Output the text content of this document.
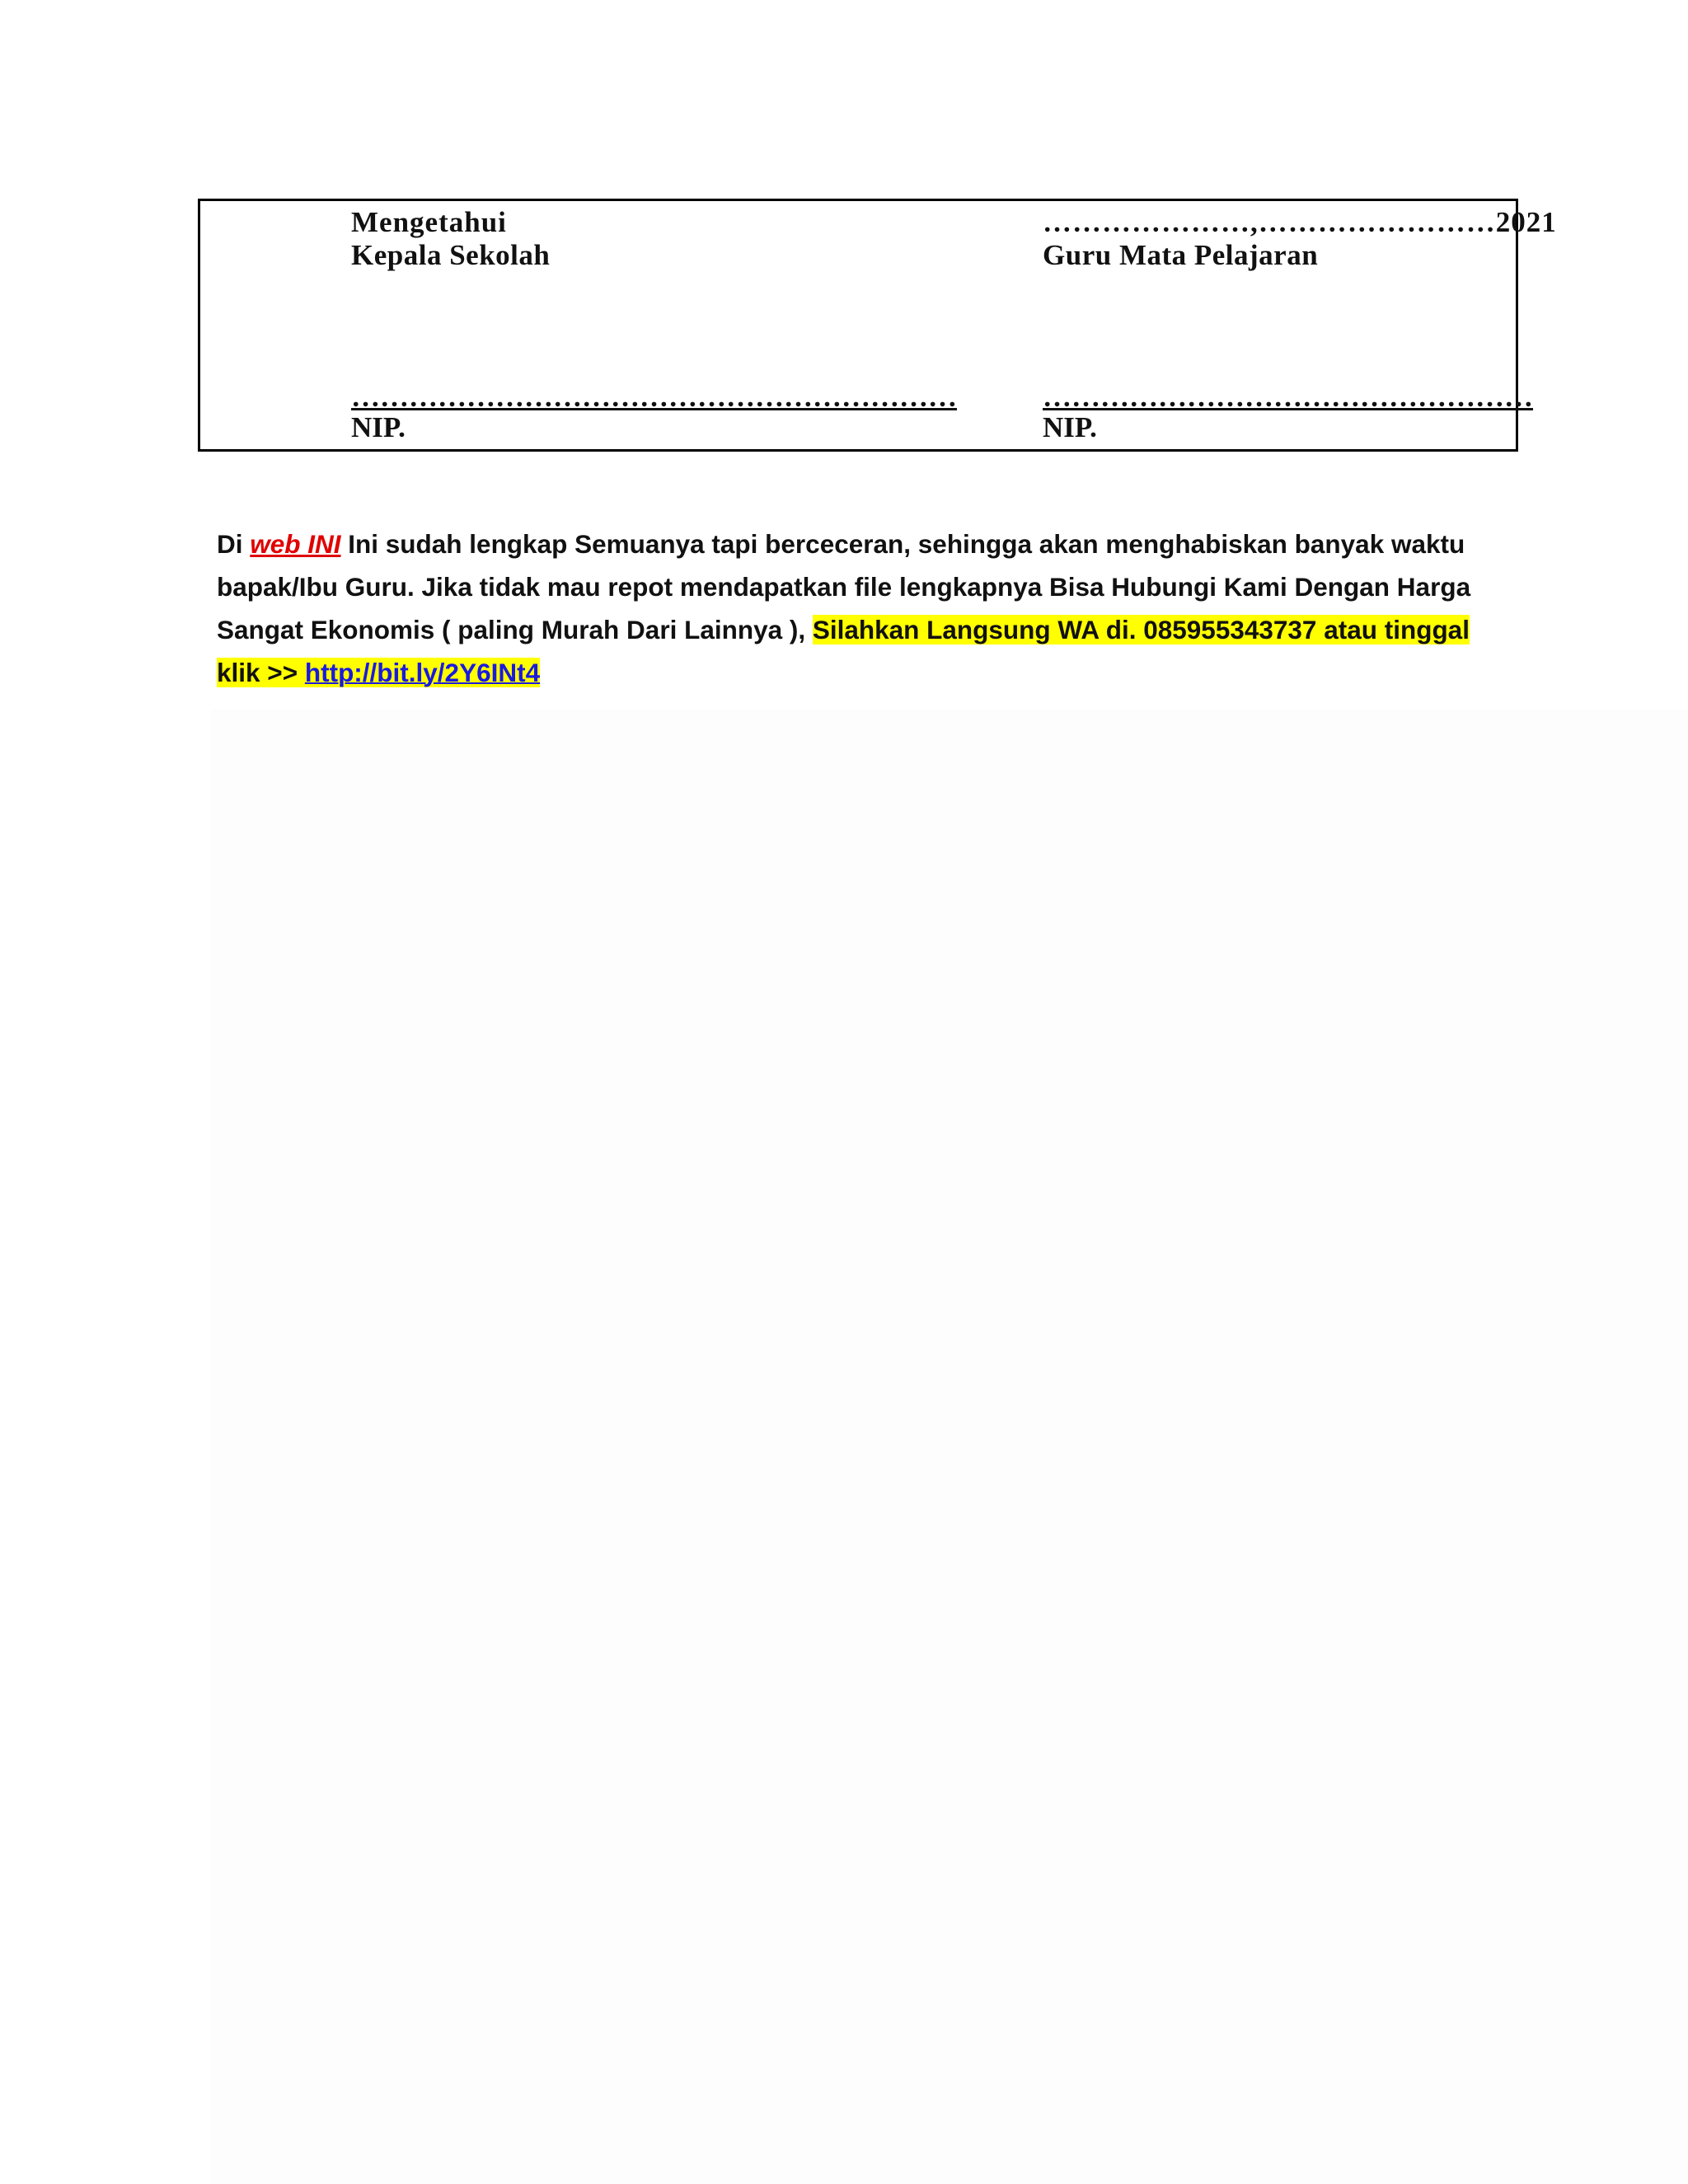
Mengetahui
Kepala Sekolah
………………………………………………………
NIP.
…………………,……………………2021
Guru Mata Pelajaran
……………………………………………
NIP.

Di web INI Ini sudah lengkap Semuanya tapi berceceran, sehingga akan menghabiskan banyak waktu bapak/Ibu Guru. Jika tidak mau repot mendapatkan file lengkapnya Bisa Hubungi Kami Dengan Harga Sangat Ekonomis ( paling Murah Dari Lainnya ), Silahkan Langsung WA di. 085955343737 atau tinggal klik >> http://bit.ly/2Y6INt4
